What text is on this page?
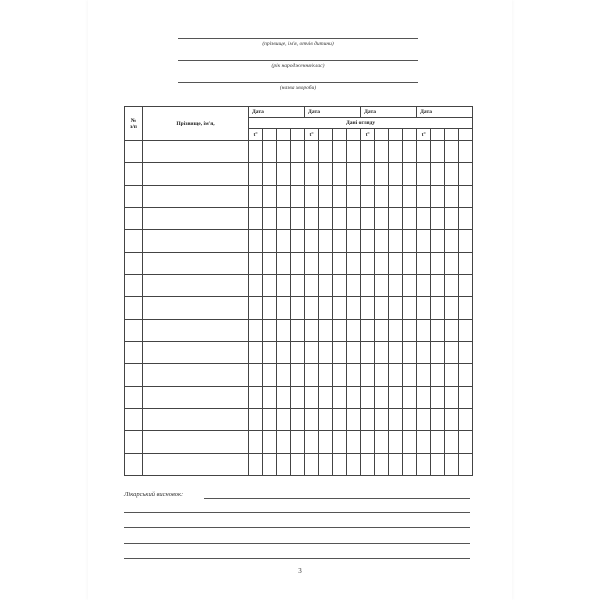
(прізвище, ім'я, отчів дитини)
(рік народження/клас)
(назва хвороби)
№
з/п	Прізвище, ім'я,	Дата				Дата				Дата				Дата			
		Дані огляду															
		t°				t°				t°				t°			

Лікарський висновок:
3
